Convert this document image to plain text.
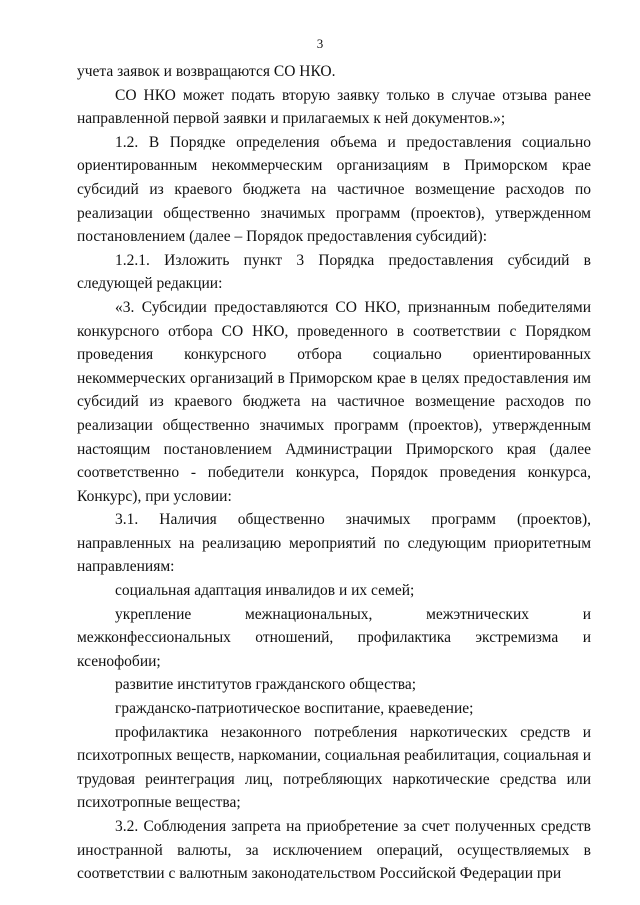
3

учета заявок и возвращаются СО НКО.

СО НКО может подать вторую заявку только в случае отзыва ранее направленной первой заявки и прилагаемых к ней документов.»;

1.2. В Порядке определения объема и предоставления социально ориентированным некоммерческим организациям в Приморском крае субсидий из краевого бюджета на частичное возмещение расходов по реализации общественно значимых программ (проектов), утвержденном постановлением (далее – Порядок предоставления субсидий):

1.2.1. Изложить пункт 3 Порядка предоставления субсидий в следующей редакции:

«3. Субсидии предоставляются СО НКО, признанным победителями конкурсного отбора СО НКО, проведенного в соответствии с Порядком проведения конкурсного отбора социально ориентированных некоммерческих организаций в Приморском крае в целях предоставления им субсидий из краевого бюджета на частичное возмещение расходов по реализации общественно значимых программ (проектов), утвержденным настоящим постановлением Администрации Приморского края (далее соответственно - победители конкурса, Порядок проведения конкурса, Конкурс), при условии:

3.1. Наличия общественно значимых программ (проектов), направленных на реализацию мероприятий по следующим приоритетным направлениям:

социальная адаптация инвалидов и их семей;

укрепление межнациональных, межэтнических и межконфессиональных отношений, профилактика экстремизма и ксенофобии;

развитие институтов гражданского общества;

гражданско-патриотическое воспитание, краеведение;

профилактика незаконного потребления наркотических средств и психотропных веществ, наркомании, социальная реабилитация, социальная и трудовая реинтеграция лиц, потребляющих наркотические средства или психотропные вещества;

3.2. Соблюдения запрета на приобретение за счет полученных средств иностранной валюты, за исключением операций, осуществляемых в соответствии с валютным законодательством Российской Федерации при
